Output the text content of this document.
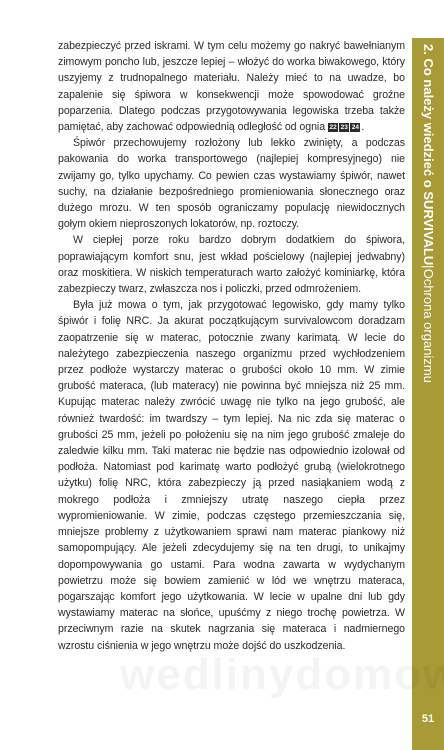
zabezpieczyć przed iskrami. W tym celu możemy go nakryć bawełnianym zimowym poncho lub, jeszcze lepiej – włożyć do worka biwakowego, który uszyjemy z trudnopalnego materiału. Należy mieć to na uwadze, bo zapalenie się śpiwora w konsekwencji może spowodować groźne poparzenia. Dlatego podczas przygotowywania legowiska trzeba także pamiętać, aby zachować odpowiednią odległość od ognia 22 23 24 .

Śpiwór przechowujemy rozłożony lub lekko zwinięty, a podczas pakowania do worka transportowego (najlepiej kompresyjnego) nie zwijamy go, tylko upychamy. Co pewien czas wystawiamy śpiwór, nawet suchy, na działanie bezpośredniego promieniowania słonecznego oraz dużego mrozu. W ten sposób ograniczamy populację niewidocznych gołym okiem nieproszonych lokatorów, np. roztoczy.

W ciepłej porze roku bardzo dobrym dodatkiem do śpiwora, poprawiającym komfort snu, jest wkład pościelowy (najlepiej jedwabny) oraz moskitiera. W niskich temperaturach warto założyć kominiarkę, która zabezpieczy twarz, zwłaszcza nos i policzki, przed odmrożeniem.

Była już mowa o tym, jak przygotować legowisko, gdy mamy tylko śpiwór i folię NRC. Ja akurat początkującym survivalowcom doradzam zaopatrzenie się w materac, potocznie zwany karimatą. W lecie do należytego zabezpieczenia naszego organizmu przed wychłodzeniem przez podłoże wystarczy materac o grubości około 10 mm. W zimie grubość materaca, (lub materacy) nie powinna być mniejsza niż 25 mm. Kupując materac należy zwrócić uwagę nie tylko na jego grubość, ale również twardość: im twardszy – tym lepiej. Na nic zda się materac o grubości 25 mm, jeżeli po położeniu się na nim jego grubość zmaleje do zaledwie kilku mm. Taki materac nie będzie nas odpowiednio izolował od podłoża. Natomiast pod karimatę warto podłożyć grubą (wielokrotnego użytku) folię NRC, która zabezpieczy ją przed nasiąkaniem wodą z mokrego podłoża i zmniejszy utratę naszego ciepła przez wypromieniowanie. W zimie, podczas częstego przemieszczania się, mniejsze problemy z użytkowaniem sprawi nam materac piankowy niż samopompujący. Ale jeżeli zdecydujemy się na ten drugi, to unikajmy dopompowywania go ustami. Para wodna zawarta w wydychanym powietrzu może się bowiem zamienić w lód we wnętrzu materaca, pogarszając komfort jego użytkowania. W lecie w upalne dni lub gdy wystawiamy materac na słońce, upuśćmy z niego trochę powietrza. W przeciwnym razie na skutek nagrzania się materaca i nadmiernego wzrostu ciśnienia w jego wnętrzu może dojść do uszkodzenia.

2. Co należy wiedzieć o SURVIVALU|Ochrona organizmu
51
